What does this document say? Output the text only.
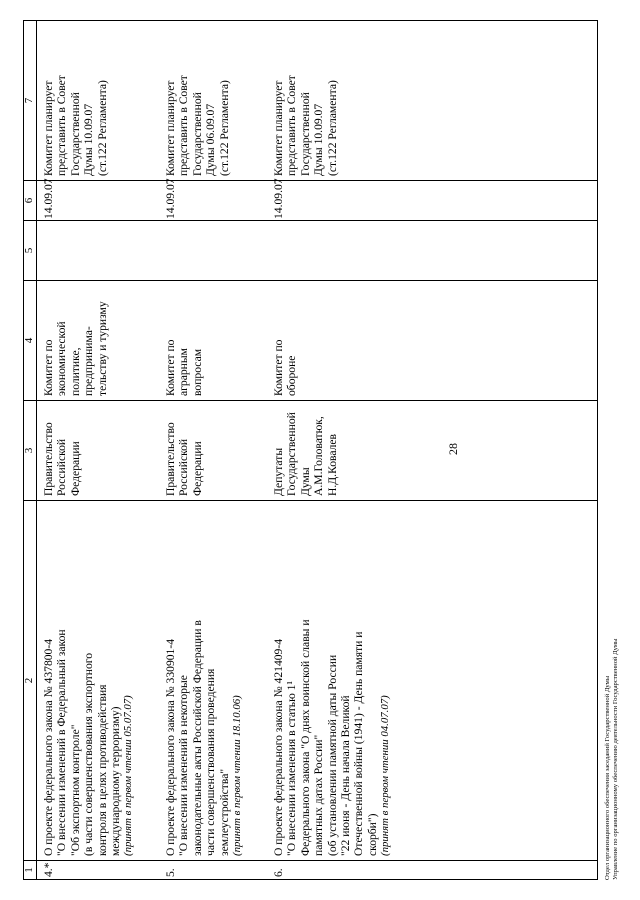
28
1
2
3
4
5
6
7
4.*

О проекте федерального закона № 437800-4 "О внесении изменений в Федеральный закон "Об экспортном контроле" (в части совершенствования экспортного контроля в целях противодействия международному терроризму) (принят в первом чтении 05.07.07)

Правительство Российской Федерации

Комитет по экономической политике, предпринима- тельству и туризму

14.09.07

Комитет планирует представить в Совет Государственной Думы 10.09.07 (ст.122 Регламента)

5.

О проекте федерального закона № 330901-4 "О внесении изменений в некоторые законодательные акты Российской Федерации в части совершенствования проведения землеустройства" (принят в первом чтении 18.10.06)

Правительство Российской Федерации

Комитет по аграрным вопросам

14.09.07

Комитет планирует представить в Совет Государственной Думы 06.09.07 (ст.122 Регламента)

6.

О проекте федерального закона № 421409-4 "О внесении изменения в статью 1¹ Федерального закона "О днях воинской славы и памятных датах России" (об установлении памятной даты России "22 июня - День начала Великой Отечественной войны (1941) - День памяти и скорби") (принят в первом чтении 04.07.07)

Депутаты Государственной Думы А.М.Головатюк, Н.Д.Ковалев

Комитет по обороне

14.09.07

Комитет планирует представить в Совет Государственной Думы 10.09.07 (ст.122 Регламента)

Отдел организационного обеспечения заседаний Государственной Думы Управление по организационному обеспечению деятельности Государственной Думы
